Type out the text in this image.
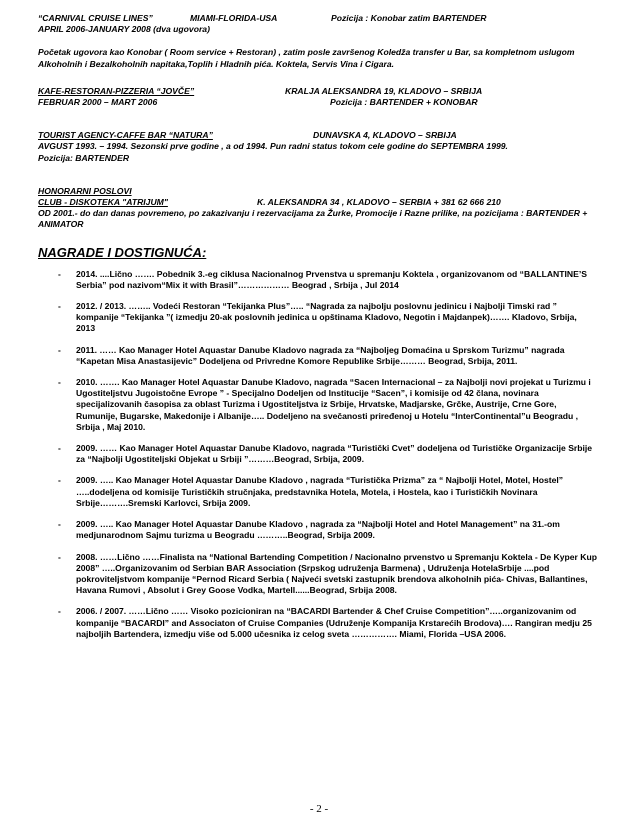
“CARNIVAL CRUISE LINES”	MIAMI-FLORIDA-USA	Pozicija : Konobar zatim BARTENDER
APRIL 2006-JANUARY 2008 (dva ugovora)
Početak ugovora kao Konobar ( Room service + Restoran) , zatim posle završenog Koledža transfer u Bar, sa kompletnom uslugom Alkoholnih i Bezalkoholnih napitaka,Toplih i Hladnih pića. Koktela, Servis Vina i Cigara.
KAFE-RESTORAN-PIZZERIA “JOVČE”	KRALJA ALEKSANDRA 19, KLADOVO – SRBIJA
FEBRUAR 2000 – MART 2006	Pozicija : BARTENDER + KONOBAR
TOURIST AGENCY-CAFFE BAR “NATURA”	DUNAVSKA 4, KLADOVO – SRBIJA
AVGUST 1993. – 1994. Sezonski prve godine , a od 1994. Pun radni status tokom cele godine do SEPTEMBRA 1999.
Pozicija: BARTENDER
HONORARNI POSLOVI
CLUB - DISKOTEKA "ATRIJUM"	K. ALEKSANDRA 34 , KLADOVO – SERBIA + 381 62 666 210
OD 2001.- do dan danas povremeno, po zakazivanju i rezervacijama za Žurke, Promocije i Razne prilike, na pozicijama : BARTENDER + ANIMATOR
NAGRADE I DOSTIGNUĆA:
-	2014. ....Lično ……. Pobednik 3.-eg ciklusa Nacionalnog Prvenstva u spremanju Koktela , organizovanom od “BALLANTINE’S Serbia” pod nazivom“Mix it with Brasil”……………… Beograd , Srbija , Jul 2014
-	2012. / 2013. …….. Vodeći Restoran “Tekijanka Plus”….. “Nagrada za najbolju poslovnu jedinicu i Najbolji Timski rad ” kompanije “Tekijanka ”( izmedju 20-ak poslovnih jedinica u opštinama Kladovo, Negotin i Majdanpek)……. Kladovo, Srbija, 2013
-	2011. …… Kao Manager Hotel Aquastar Danube Kladovo nagrada za “Najboljeg Domaćina u Sprskom Turizmu” nagrada “Kapetan Misa Anastasijevic” Dodeljena od Privredne Komore Republike Srbije……… Beograd, Srbija, 2011.
-	2010. ……. Kao Manager Hotel Aquastar Danube Kladovo, nagrada “Sacen Internacional – za Najbolji novi projekat u Turizmu i Ugostiteljstvu Jugoistočne Evrope ” - Specijalno Dodeljen od Institucije “Sacen”, i komisije od 42 člana, novinara specijalizovanih časopisa za oblast Turizma i Ugostiteljstva iz Srbije, Hrvatske, Madjarske, Grčke, Austrije, Crne Gore, Rumunije, Bugarske, Makedonije i Albanije….. Dodeljeno na svečanosti priređenoj u Hotelu “InterContinental”u Beogradu , Srbija , Maj 2010.
-	2009. …… Kao Manager Hotel Aquastar Danube Kladovo, nagrada “Turistički Cvet” dodeljena od Turističke Organizacije Srbije za “Najbolji Ugostiteljski Objekat u Srbiji ”………Beograd, Srbija, 2009.
-	2009. ….. Kao Manager Hotel Aquastar Danube Kladovo , nagrada “Turistička Prizma” za “ Najbolji Hotel, Motel, Hostel” …..dodeljena od komisije Turističkih stručnjaka, predstavnika Hotela, Motela, i Hostela, kao i Turističkih Novinara Srbije……….Sremski Karlovci, Srbija 2009.
-	2009. ….. Kao Manager Hotel Aquastar Danube Kladovo , nagrada za “Najbolji Hotel and Hotel Management” na 31.-om medjunarodnom Sajmu turizma u Beogradu ………..Beograd, Srbija 2009.
-	2008. ……Lično ……Finalista na “National Bartending Competition / Nacionalno prvenstvo u Spremanju Koktela - De Kyper Kup 2008” …..Organizovanim od Serbian BAR Association (Srpskog udruženja Barmena) , Udruženja HotelaSrbije ....pod pokroviteljstvom kompanije “Pernod Ricard Serbia ( Najveći svetski zastupnik brendova alkoholnih pića- Chivas, Ballantines, Havana Rumovi , Absolut i Grey Goose Vodka, Martell......Beograd, Srbija 2008.
-	2006. / 2007. ……Lično …… Visoko pozicioniran na “BACARDI Bartender & Chef Cruise Competition”…..organizovanim od kompanije “BACARDI” and Associaton of Cruise Companies (Udruženje Kompanija Krstarećih Brodova)…. Rangiran medju 25 najboljih Bartendera, izmedju više od 5.000 učesnika iz celog sveta ……………. Miami, Florida –USA 2006.
- 2 -
